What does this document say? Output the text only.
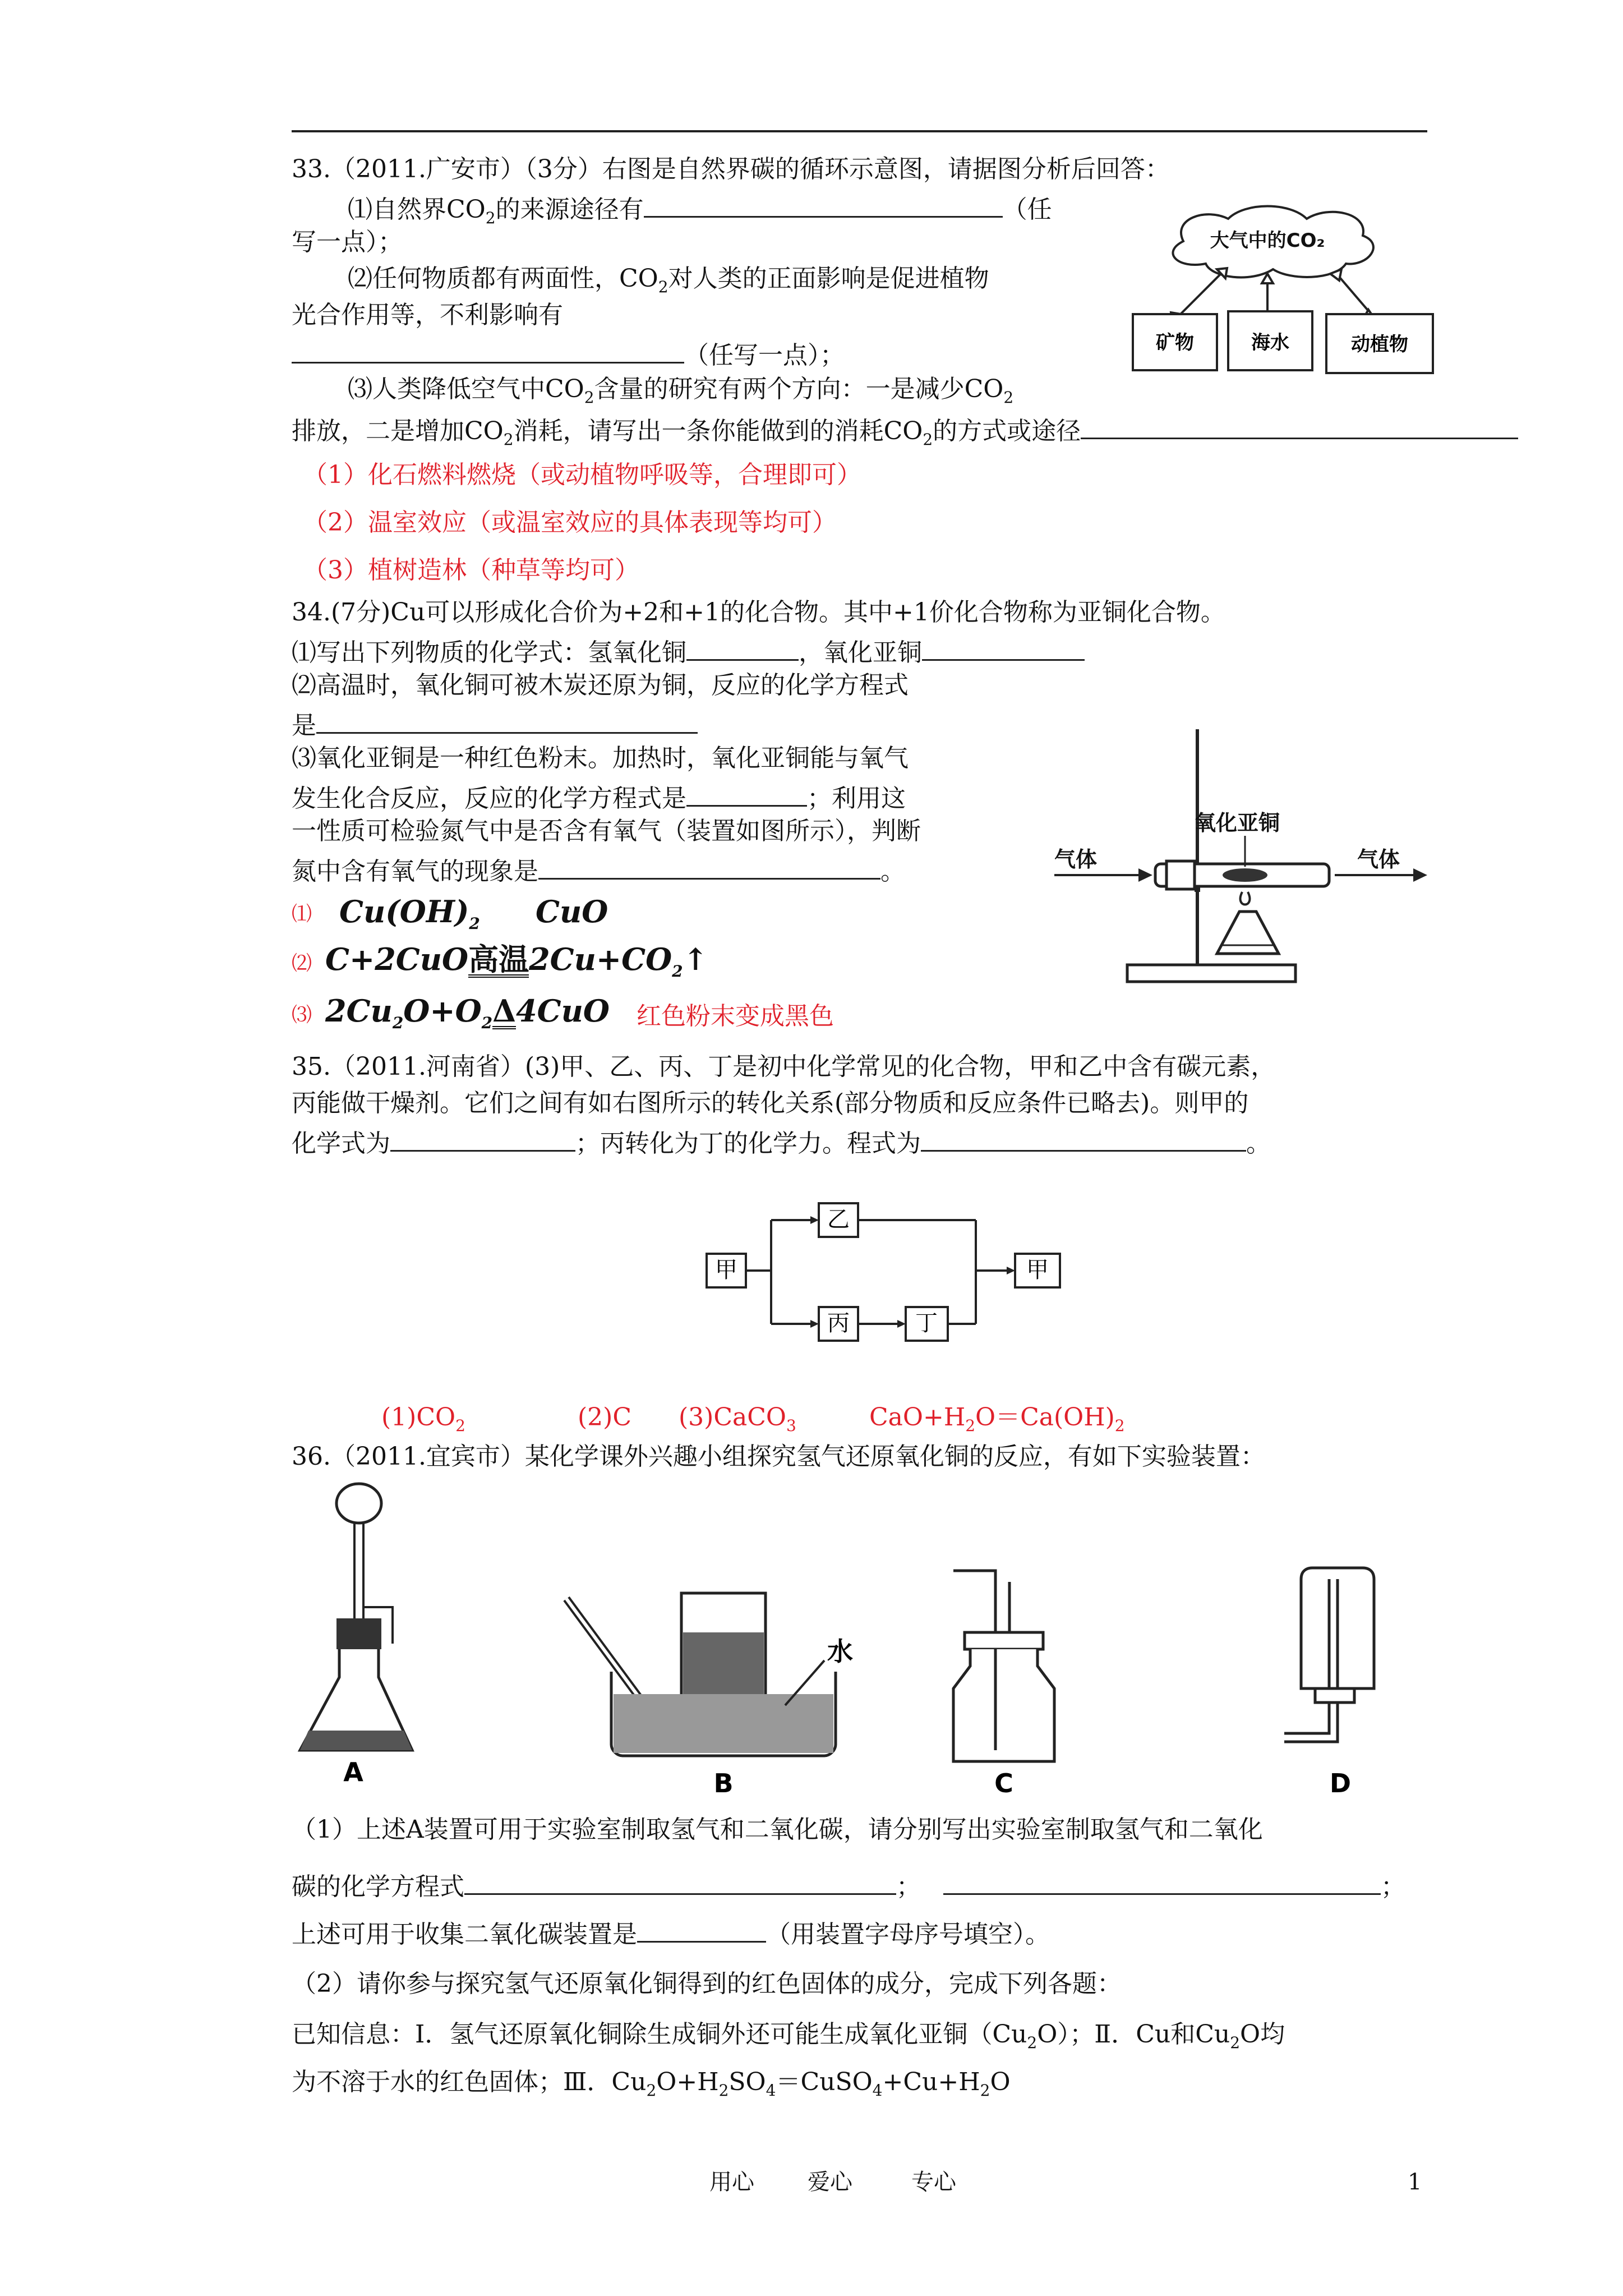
33.（2011.广安市）（3分）右图是自然界碳的循环示意图，请据图分析后回答：
⑴自然界$CO_2$的来源途径有	（任
写一点）；
⑵任何物质都有两面性，$CO_2$对人类的正面影响是促进植物
光合作用等，不利影响有
（任写一点）；
⑶人类降低空气中$CO_2$含量的研究有两个方向：一是减少$CO_2$
排放，二是增加$CO_2$消耗，请写出一条你能做到的消耗$CO_2$的方式或途径
（1）化石燃料燃烧（或动植物呼吸等，合理即可）
（2）温室效应（或温室效应的具体表现等均可）
（3）植树造林（种草等均可）
大气中的CO₂
矿物	海水	动植物
34.(7分)Cu可以形成化合价为+2和+1的化合物。其中+1价化合物称为亚铜化合物。
⑴写出下列物质的化学式：氢氧化铜	，氧化亚铜
⑵高温时，氧化铜可被木炭还原为铜，反应的化学方程式
是
⑶氧化亚铜是一种红色粉末。加热时，氧化亚铜能与氧气
发生化合反应，反应的化学方程式是	；利用这
一性质可检验氮气中是否含有氧气（装置如图所示），判断
氮中含有氧气的现象是	。
⑴ $Cu(OH)_2$ CuO
⑵ C+2CuO高温$2Cu+CO_2↑$
⑶ $2Cu_2O+O_2\Delta 4CuO$ 红色粉末变成黑色
氧化亚铜
气体	气体
35.（2011.河南省）(3)甲、乙、丙、丁是初中化学常见的化合物，甲和乙中含有碳元素，
丙能做干燥剂。它们之间有如右图所示的转化关系(部分物质和反应条件已略去)。则甲的
化学式为	；丙转化为丁的化学力。程式为	。
甲
乙
丙	丁
甲
$(1)CO_2$	(2)C (3)CaCO$_3$	$CaO+H_2O=Ca(OH)_2$
36.（2011.宜宾市）某化学课外兴趣小组探究氢气还原氧化铜的反应，有如下实验装置：
A
水
B	C	D
（1）上述A装置可用于实验室制取氢气和二氧化碳，请分别写出实验室制取氢气和二氧化
碳的化学方程式	；	；
上述可用于收集二氧化碳装置是	（用装置字母序号填空）。
（2）请你参与探究氢气还原氧化铜得到的红色固体的成分，完成下列各题：
已知信息：Ⅰ．氢气还原氧化铜除生成铜外还可能生成氧化亚铜$(Cu_2O)$；Ⅱ．Cu和$Cu_2O$均
为不溶于水的红色固体；Ⅲ．$Cu_2O+H_2SO_4=CuSO_4+Cu+H_2O$
用心 爱心	专心	1
